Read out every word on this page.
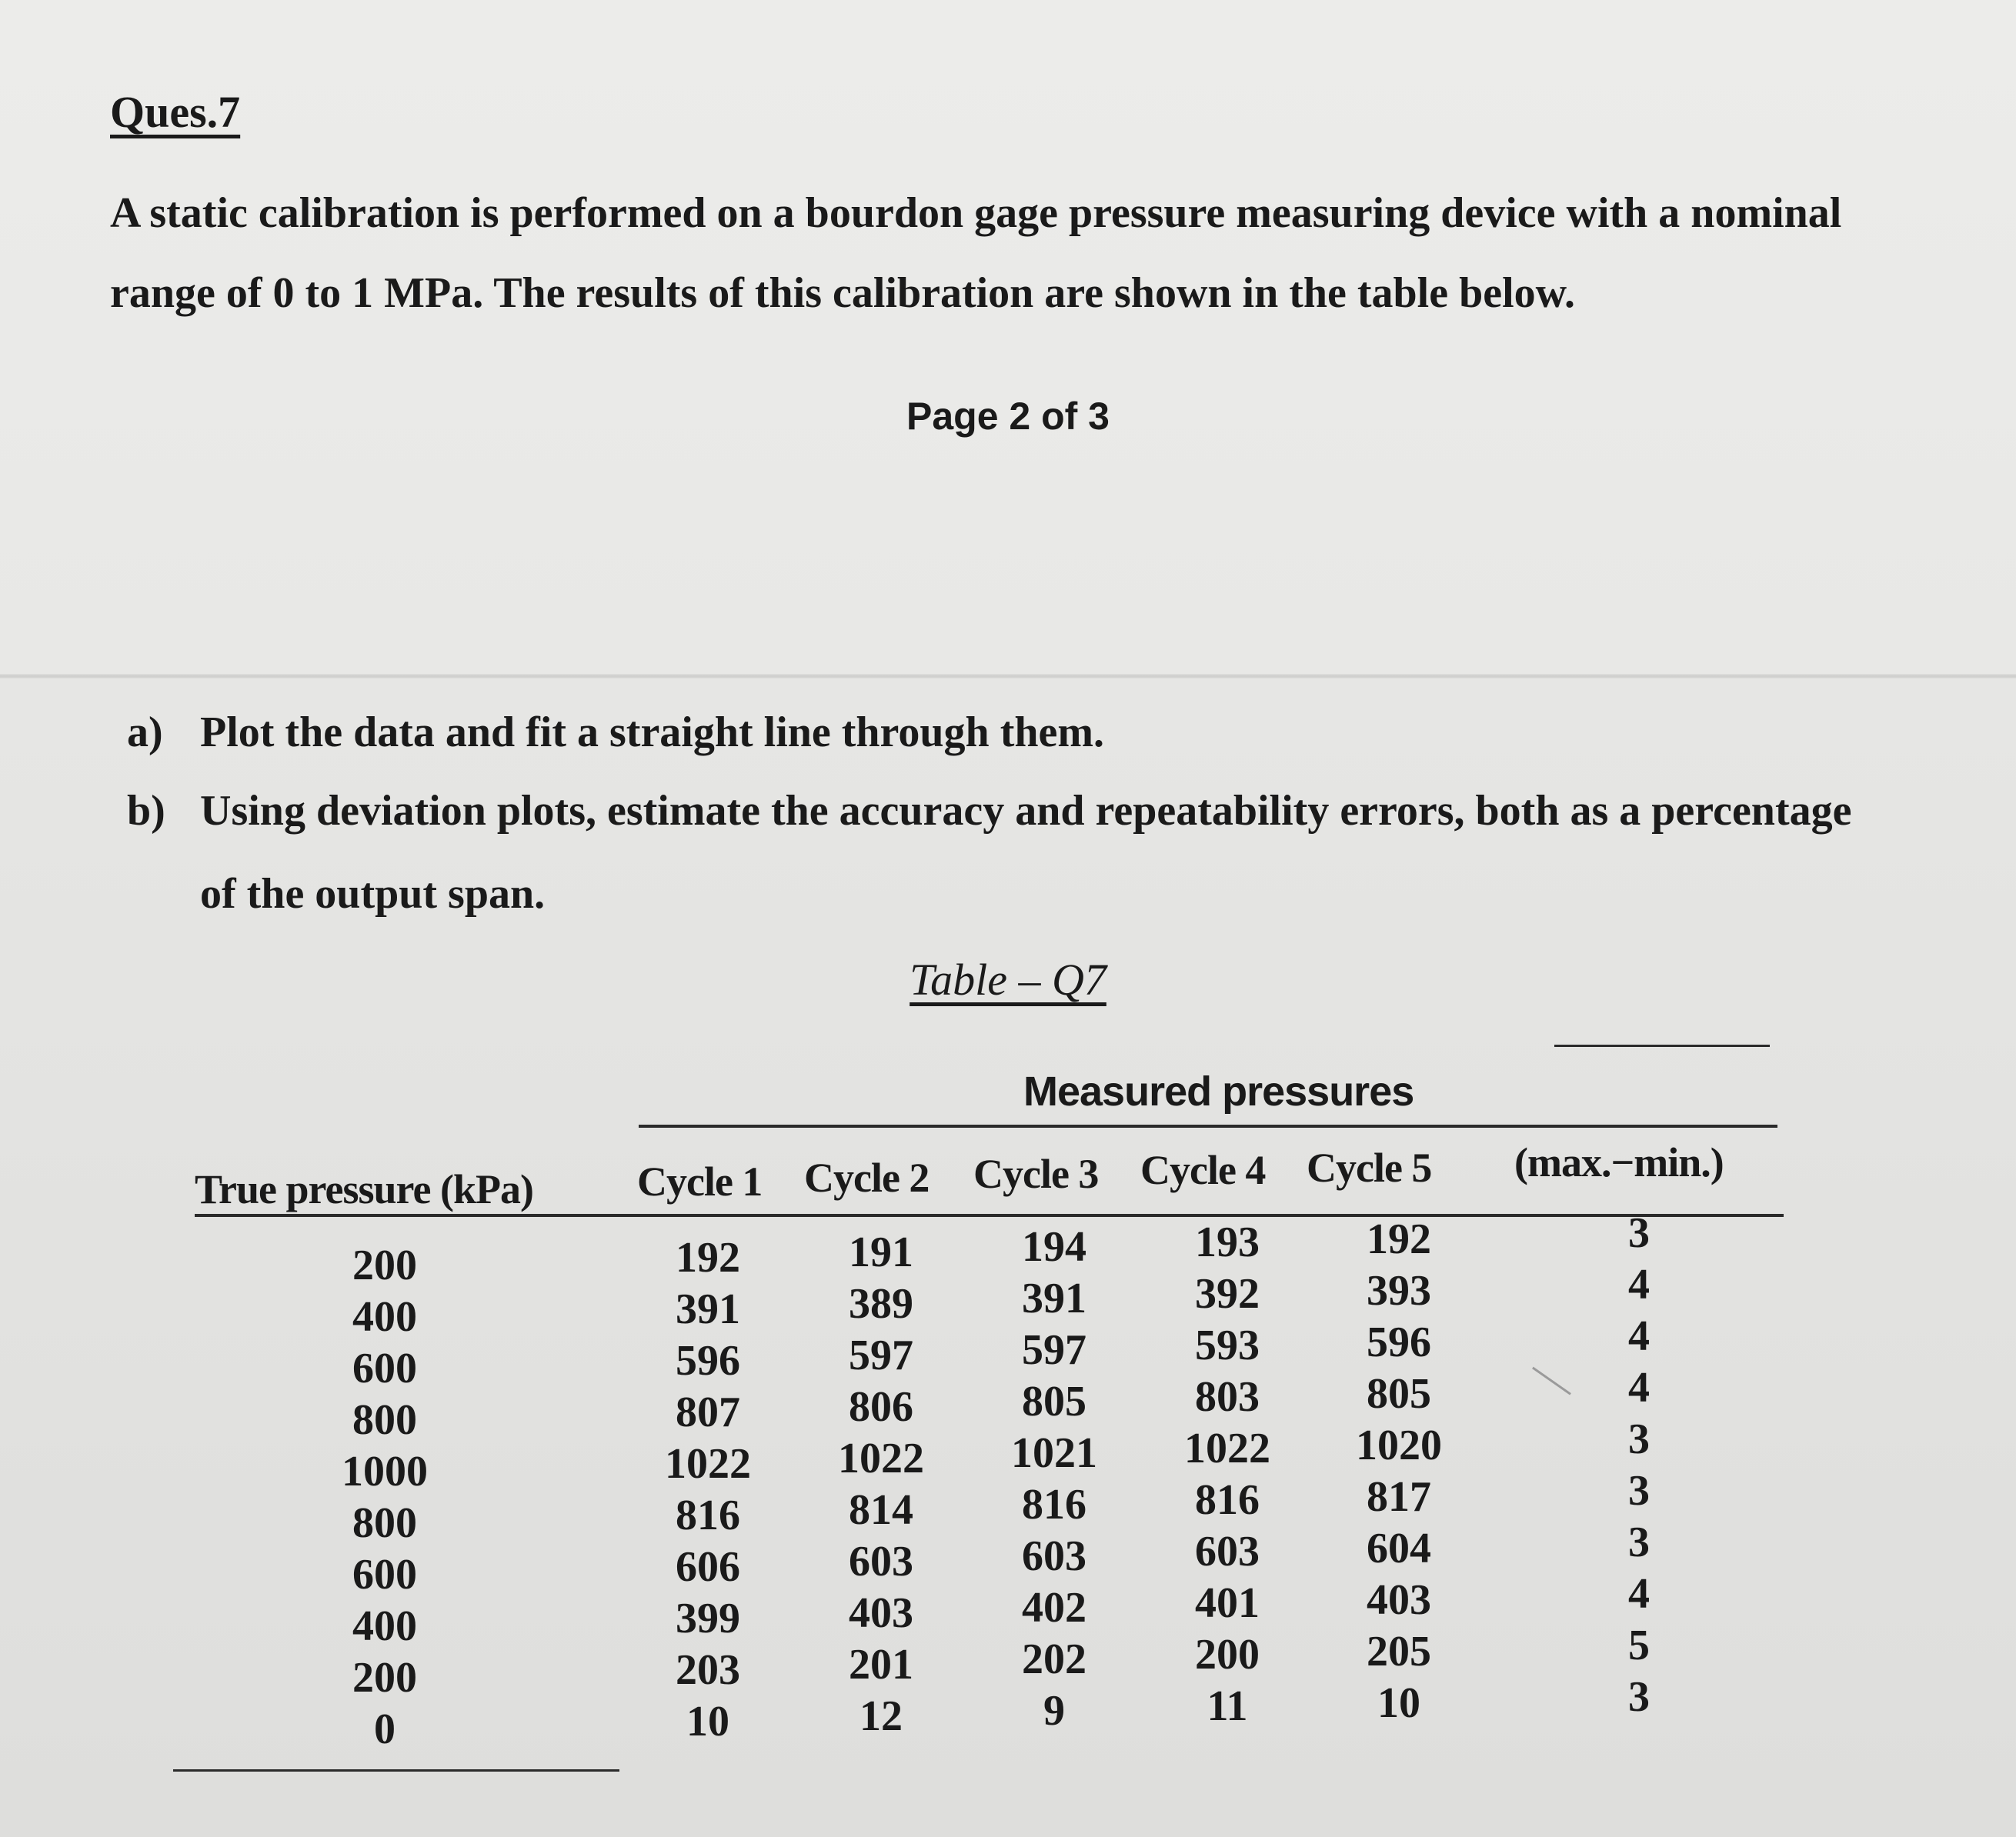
Ques.7
A static calibration is performed on a bourdon gage pressure measuring device with a nominal
range of 0 to 1 MPa. The results of this calibration are shown in the table below.
Page 2 of 3
a) Plot the data and fit a straight line through them.
b) Using deviation plots, estimate the accuracy and repeatability errors, both as a percentage
of the output span.
Table – Q7
Measured pressures
True pressure (kPa)	Cycle 1 Cycle 2 Cycle 3 Cycle 4 Cycle 5 (max.−min.)
200
400
600
800
1000
800
600
400
200
0
192
391
596
807
1022
816
606
399
203
10
191
389
597
806
1022
814
603
403
201
12
194
391
597
805
1021
816
603
402
202
9
193
392
593
803
1022
816
603
401
200
11
192
393
596
805
1020
817
604
403
205
10
3
4
4
4
3
3
3
4
5
3
